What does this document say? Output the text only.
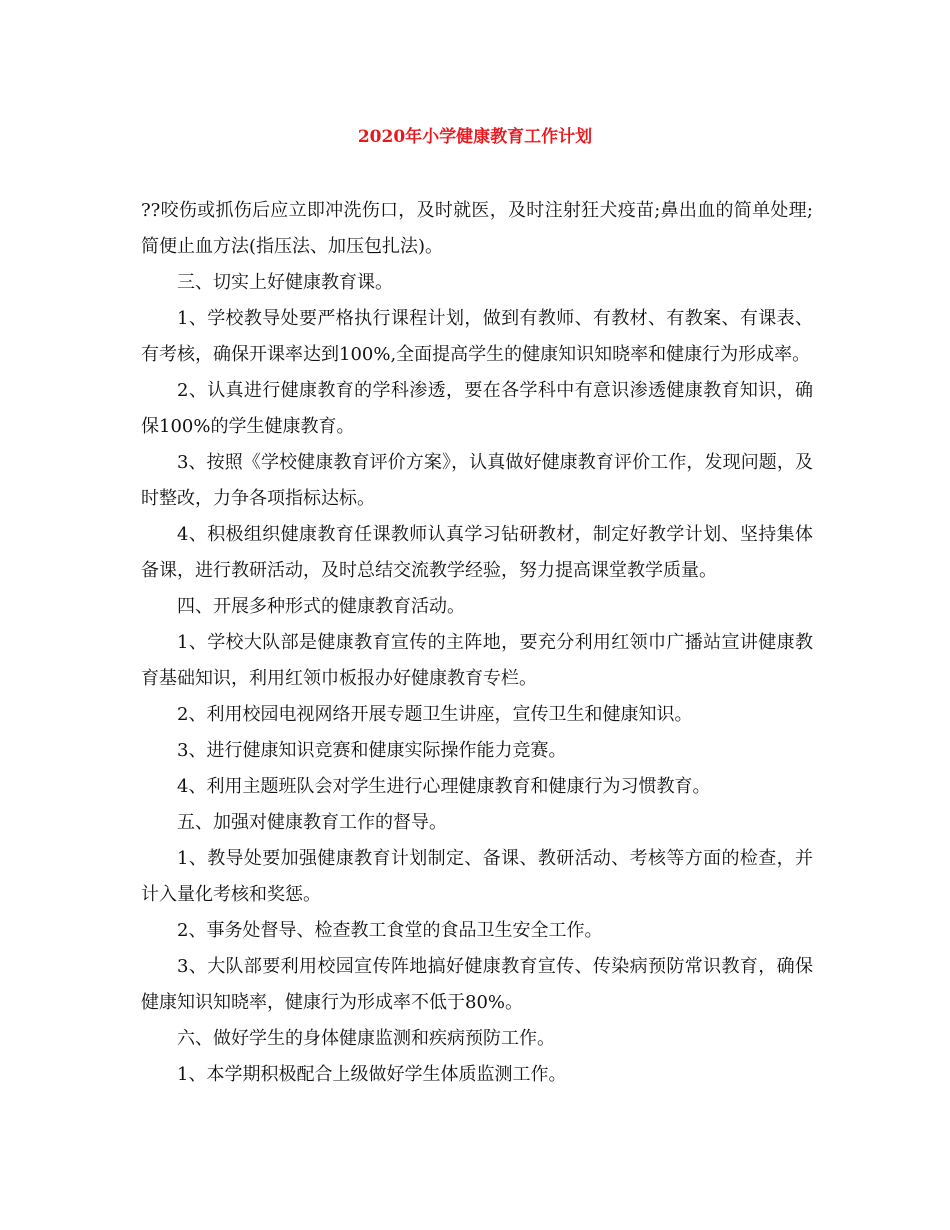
2020年小学健康教育工作计划

??咬伤或抓伤后应立即冲洗伤口，及时就医，及时注射狂犬疫苗;鼻出血的简单处理;简便止血方法(指压法、加压包扎法)。

三、切实上好健康教育课。

1、学校教导处要严格执行课程计划，做到有教师、有教材、有教案、有课表、有考核，确保开课率达到100%,全面提高学生的健康知识知晓率和健康行为形成率。

2、认真进行健康教育的学科渗透，要在各学科中有意识渗透健康教育知识，确保100%的学生健康教育。

3、按照《学校健康教育评价方案》，认真做好健康教育评价工作，发现问题，及时整改，力争各项指标达标。

4、积极组织健康教育任课教师认真学习钻研教材，制定好教学计划、坚持集体备课，进行教研活动，及时总结交流教学经验，努力提高课堂教学质量。

四、开展多种形式的健康教育活动。

1、学校大队部是健康教育宣传的主阵地，要充分利用红领巾广播站宣讲健康教育基础知识，利用红领巾板报办好健康教育专栏。

2、利用校园电视网络开展专题卫生讲座，宣传卫生和健康知识。

3、进行健康知识竞赛和健康实际操作能力竞赛。

4、利用主题班队会对学生进行心理健康教育和健康行为习惯教育。

五、加强对健康教育工作的督导。

1、教导处要加强健康教育计划制定、备课、教研活动、考核等方面的检查，并计入量化考核和奖惩。

2、事务处督导、检查教工食堂的食品卫生安全工作。

3、大队部要利用校园宣传阵地搞好健康教育宣传、传染病预防常识教育，确保健康知识知晓率，健康行为形成率不低于80%。

六、做好学生的身体健康监测和疾病预防工作。

1、本学期积极配合上级做好学生体质监测工作。
